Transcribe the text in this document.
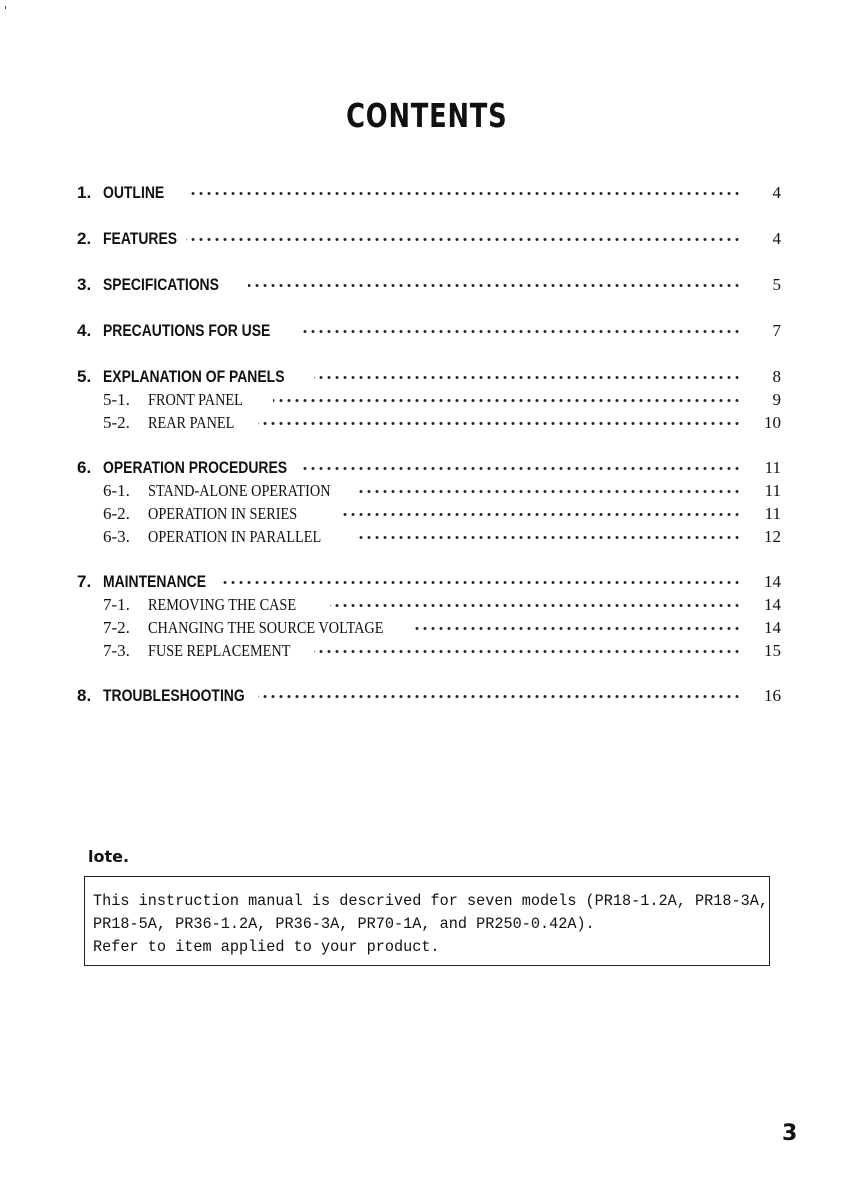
CONTENTS
1. OUTLINE	4
2. FEATURES	4
3. SPECIFICATIONS	5
4. PRECAUTIONS FOR USE	7
5. EXPLANATION OF PANELS	8
5-1. FRONT PANEL	9
5-2. REAR PANEL	10
6. OPERATION PROCEDURES	11
6-1. STAND-ALONE OPERATION	11
6-2. OPERATION IN SERIES	11
6-3. OPERATION IN PARALLEL	12
7. MAINTENANCE	14
7-1. REMOVING THE CASE	14
7-2. CHANGING THE SOURCE VOLTAGE	14
7-3. FUSE REPLACEMENT	15
8. TROUBLESHOOTING	16
lote.
This instruction manual is descrived for seven models (PR18-1.2A, PR18-3A,
PR18-5A, PR36-1.2A, PR36-3A, PR70-1A, and PR250-0.42A).
Refer to item applied to your product.
3
